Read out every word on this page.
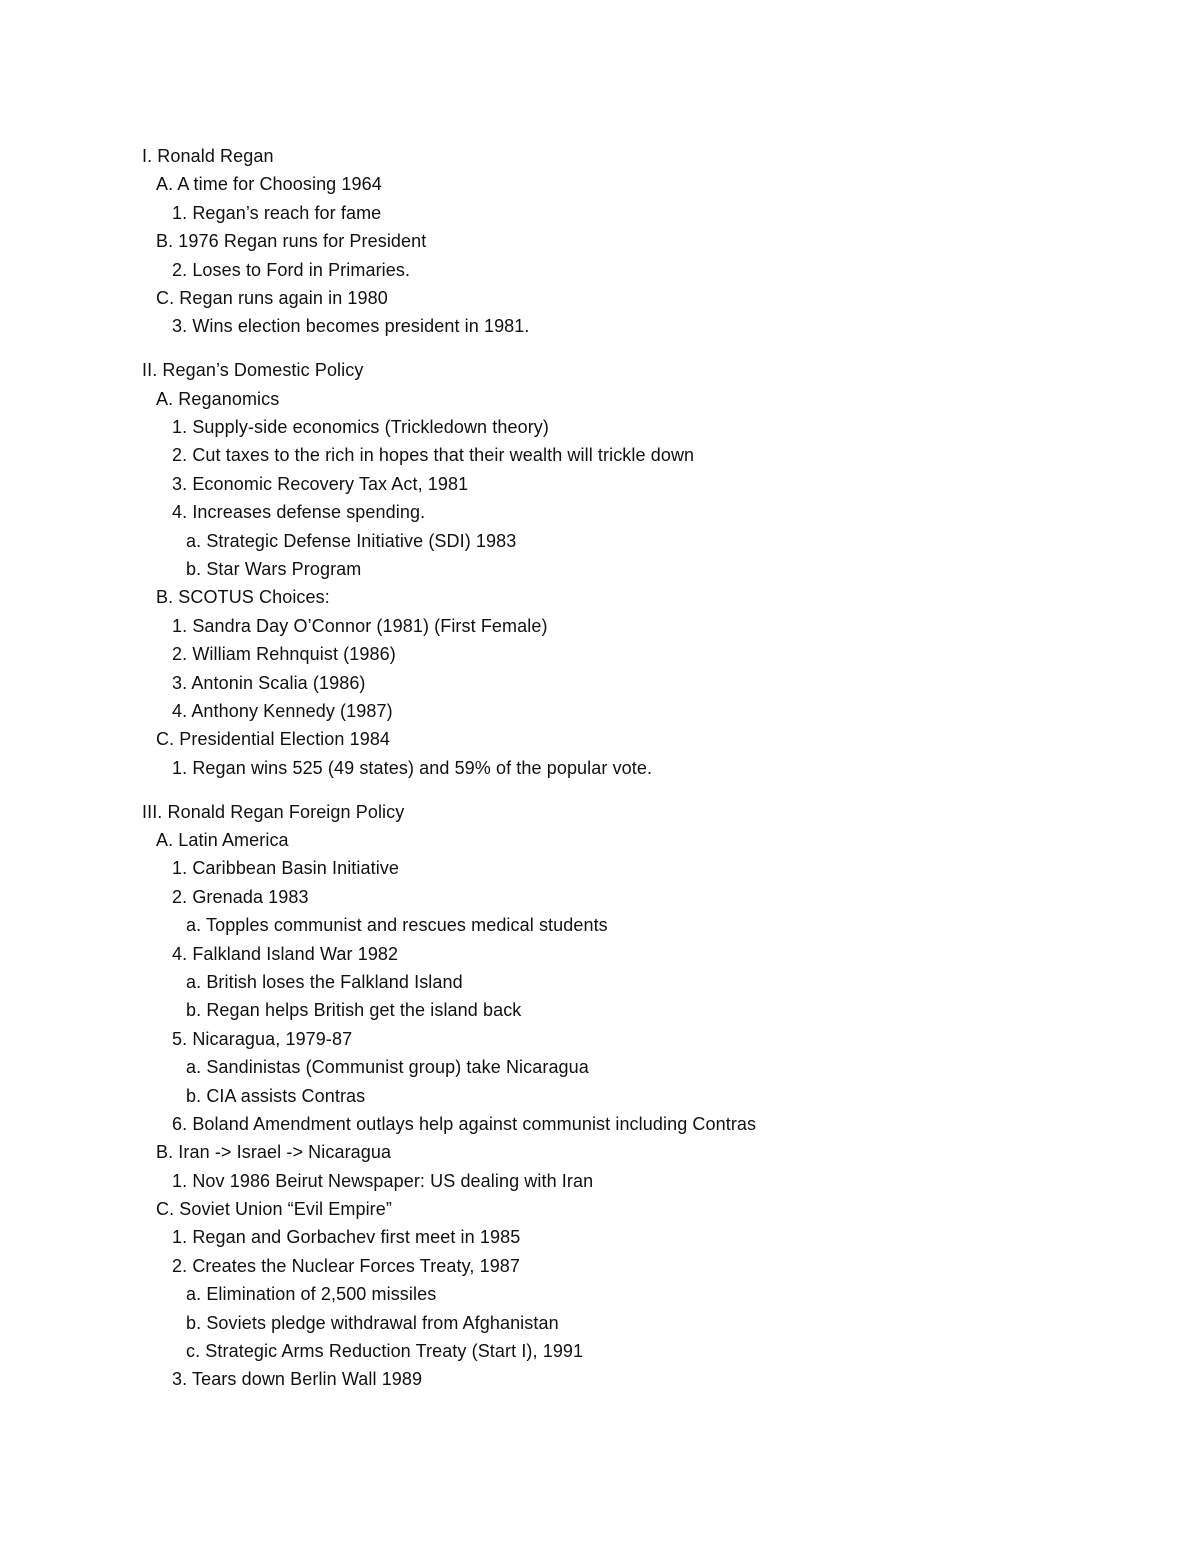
I. Ronald Regan
A. A time for Choosing 1964
1. Regan’s reach for fame
B. 1976 Regan runs for President
2. Loses to Ford in Primaries.
C. Regan runs again in 1980
3. Wins election becomes president in 1981.
II. Regan’s Domestic Policy
A. Reganomics
1. Supply-side economics (Trickledown theory)
2. Cut taxes to the rich in hopes that their wealth will trickle down
3. Economic Recovery Tax Act, 1981
4. Increases defense spending.
a. Strategic Defense Initiative (SDI) 1983
b. Star Wars Program
B. SCOTUS Choices:
1. Sandra Day O’Connor (1981) (First Female)
2. William Rehnquist (1986)
3. Antonin Scalia (1986)
4. Anthony Kennedy (1987)
C. Presidential Election 1984
1. Regan wins 525 (49 states) and 59% of the popular vote.
III. Ronald Regan Foreign Policy
A. Latin America
1. Caribbean Basin Initiative
2. Grenada 1983
a. Topples communist and rescues medical students
4. Falkland Island War 1982
a. British loses the Falkland Island
b. Regan helps British get the island back
5. Nicaragua, 1979-87
a. Sandinistas (Communist group) take Nicaragua
b. CIA assists Contras
6. Boland Amendment outlays help against communist including Contras
B. Iran -> Israel -> Nicaragua
1. Nov 1986 Beirut Newspaper: US dealing with Iran
C. Soviet Union “Evil Empire”
1. Regan and Gorbachev first meet in 1985
2. Creates the Nuclear Forces Treaty, 1987
a. Elimination of 2,500 missiles
b. Soviets pledge withdrawal from Afghanistan
c. Strategic Arms Reduction Treaty (Start I), 1991
3. Tears down Berlin Wall 1989
